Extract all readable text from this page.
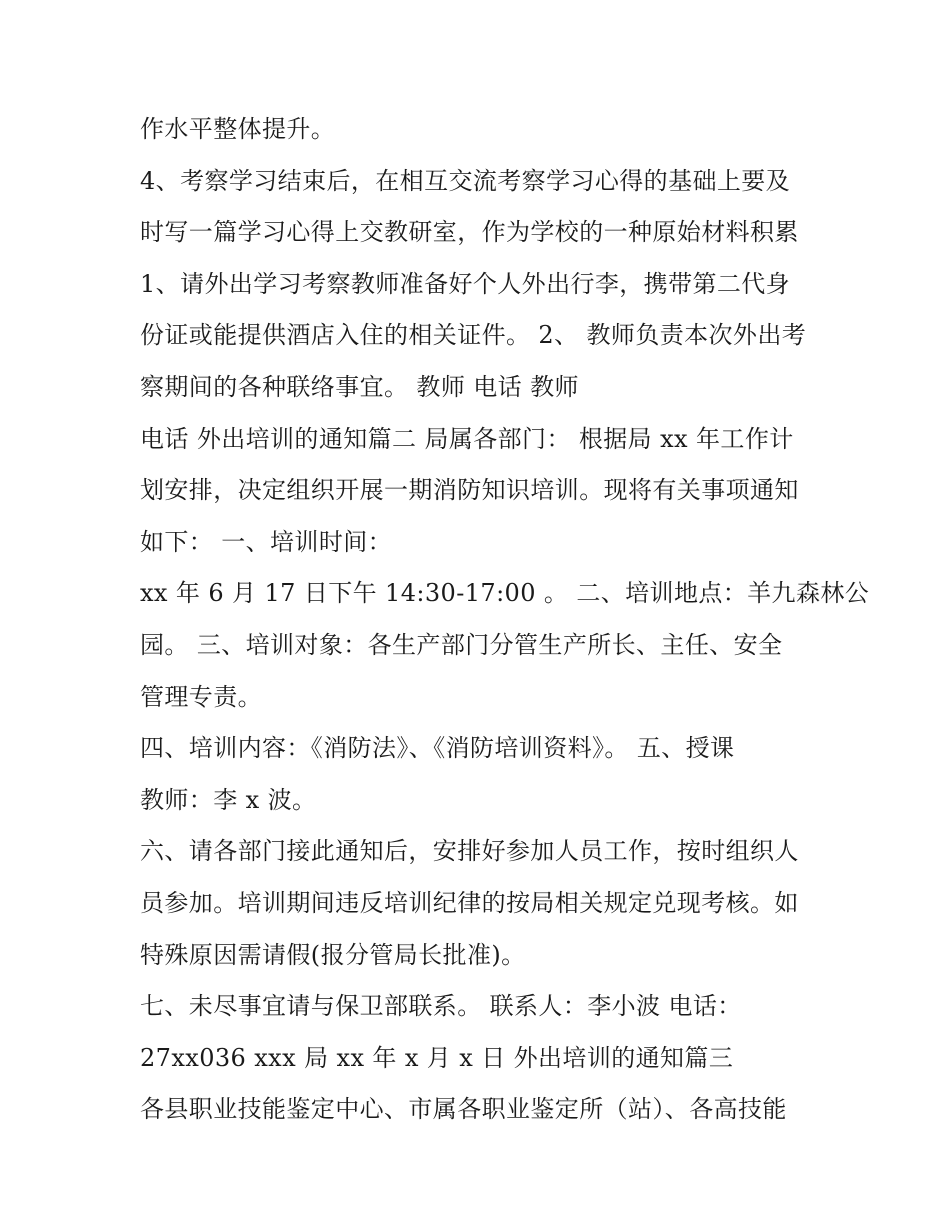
作水平整体提升。
4、考察学习结束后，在相互交流考察学习心得的基础上要及
时写一篇学习心得上交教研室，作为学校的一种原始材料积累
1、请外出学习考察教师准备好个人外出行李，携带第二代身
份证或能提供酒店入住的相关证件。 2、 教师负责本次外出考
察期间的各种联络事宜。 教师 电话 教师
电话 外出培训的通知篇二 局属各部门： 根据局 xx 年工作计
划安排，决定组织开展一期消防知识培训。现将有关事项通知
如下： 一、培训时间：
xx 年 6 月 17 日下午 14:30-17:00 。 二、培训地点：羊九森林公
园。 三、培训对象：各生产部门分管生产所长、主任、安全
管理专责。
四、培训内容：《消防法》、《消防培训资料》。 五、授课
教师：李 x 波。
六、请各部门接此通知后，安排好参加人员工作，按时组织人
员参加。培训期间违反培训纪律的按局相关规定兑现考核。如
特殊原因需请假(报分管局长批准)。
七、未尽事宜请与保卫部联系。 联系人：李小波 电话：
27xx036 xxx 局 xx 年 x 月 x 日 外出培训的通知篇三
各县职业技能鉴定中心、市属各职业鉴定所（站）、各高技能
